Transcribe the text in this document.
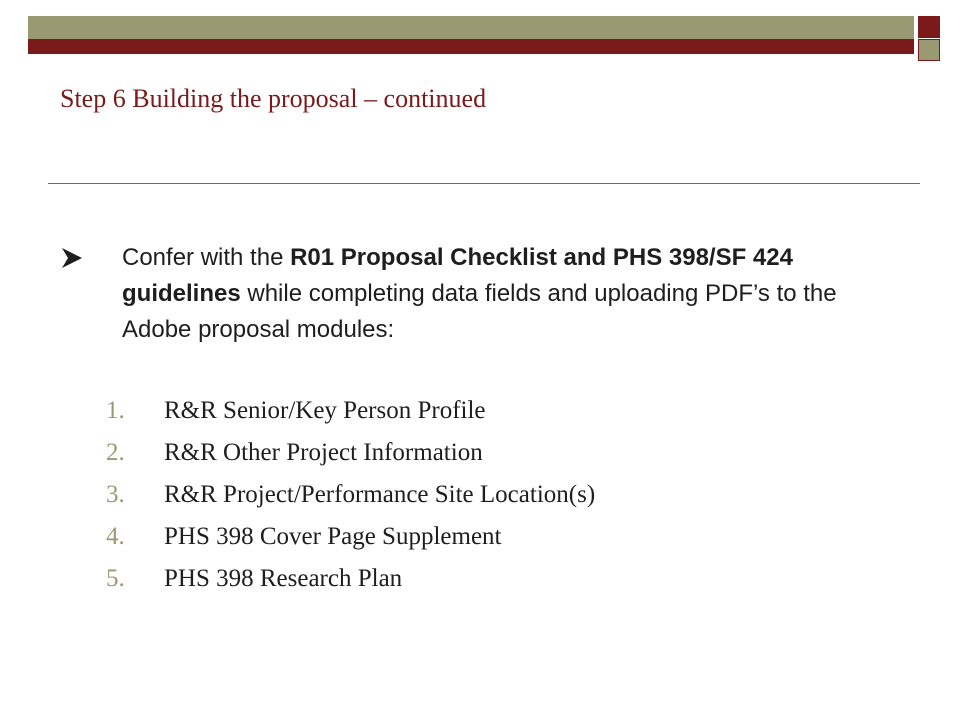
Step 6 Building the proposal – continued

Confer with the R01 Proposal Checklist and PHS 398/SF 424 guidelines while completing data fields and uploading PDF’s to the Adobe proposal modules:

1. R&R Senior/Key Person Profile
2. R&R Other Project Information
3. R&R Project/Performance Site Location(s)
4. PHS 398 Cover Page Supplement
5. PHS 398 Research Plan
